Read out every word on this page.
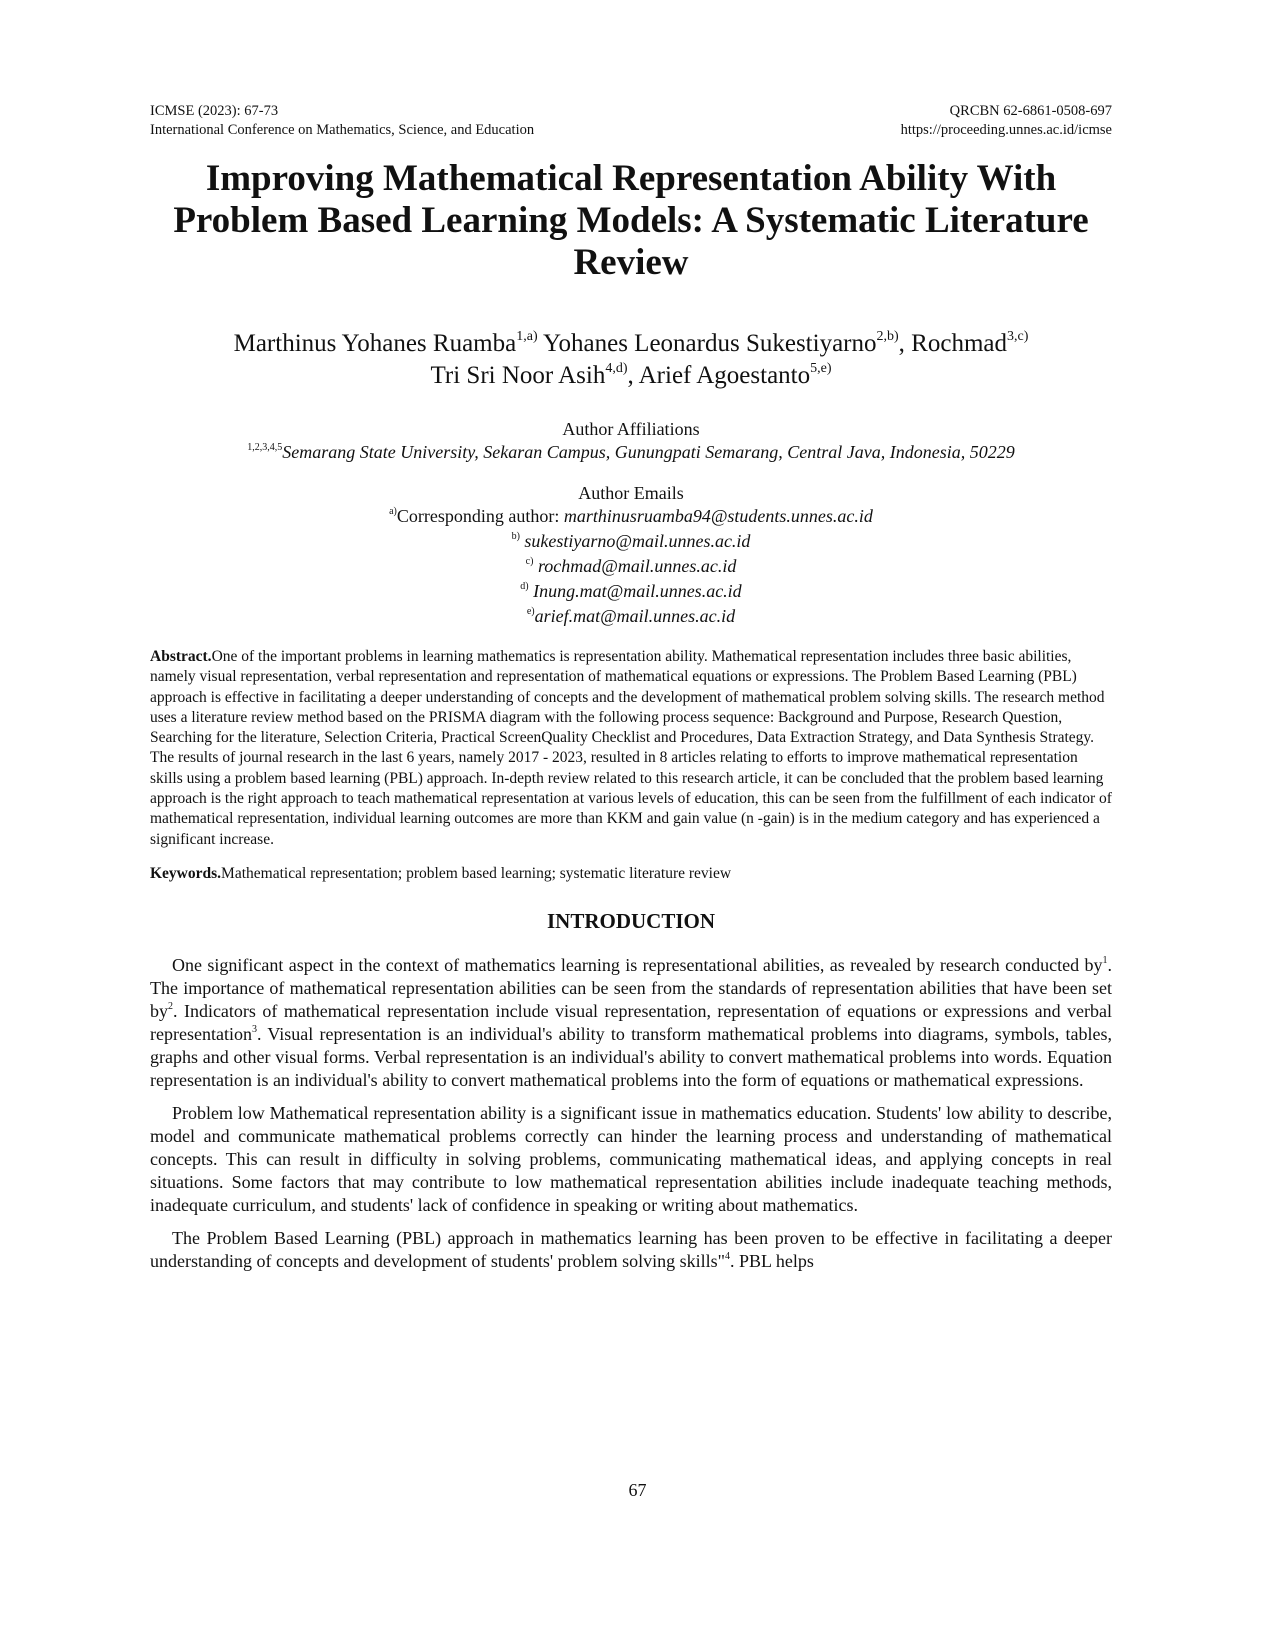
ICMSE (2023): 67-73
International Conference on Mathematics, Science, and Education
QRCBN 62-6861-0508-697
https://proceeding.unnes.ac.id/icmse
Improving Mathematical Representation Ability With Problem Based Learning Models: A Systematic Literature Review
Marthinus Yohanes Ruamba$^{1,a)}$ Yohanes Leonardus Sukestiyarno$^{2,b)}$, Rochmad$^{3,c)}$
Tri Sri Noor Asih$^{4,d)}$, Arief Agoestanto$^{5,e)}$
Author Affiliations
$^{1,2,3,4,5}$Semarang State University, Sekaran Campus, Gunungpati Semarang, Central Java, Indonesia, 50229
Author Emails
$^{a)}$Corresponding author: marthinusruamba94@students.unnes.ac.id
$^{b)}$ sukestiyarno@mail.unnes.ac.id
$^{c)}$ rochmad@mail.unnes.ac.id
$^{d)}$ Inung.mat@mail.unnes.ac.id
$^{e)}$arief.mat@mail.unnes.ac.id
Abstract.One of the important problems in learning mathematics is representation ability. Mathematical representation includes three basic abilities, namely visual representation, verbal representation and representation of mathematical equations or expressions. The Problem Based Learning (PBL) approach is effective in facilitating a deeper understanding of concepts and the development of mathematical problem solving skills. The research method uses a literature review method based on the PRISMA diagram with the following process sequence: Background and Purpose, Research Question, Searching for the literature, Selection Criteria, Practical ScreenQuality Checklist and Procedures, Data Extraction Strategy, and Data Synthesis Strategy. The results of journal research in the last 6 years, namely 2017 - 2023, resulted in 8 articles relating to efforts to improve mathematical representation skills using a problem based learning (PBL) approach. In-depth review related to this research article, it can be concluded that the problem based learning approach is the right approach to teach mathematical representation at various levels of education, this can be seen from the fulfillment of each indicator of mathematical representation, individual learning outcomes are more than KKM and gain value (n -gain) is in the medium category and has experienced a significant increase.
Keywords.Mathematical representation; problem based learning; systematic literature review
INTRODUCTION

One significant aspect in the context of mathematics learning is representational abilities, as revealed by research conducted $by^1$. The importance of mathematical representation abilities can be seen from the standards of representation abilities that have been set $by^2$. Indicators of mathematical representation include visual representation, representation of equations or expressions and verbal representation$^3$. Visual representation is an individual's ability to transform mathematical problems into diagrams, symbols, tables, graphs and other visual forms. Verbal representation is an individual's ability to convert mathematical problems into words. Equation representation is an individual's ability to convert mathematical problems into the form of equations or mathematical expressions.

Problem low Mathematical representation ability is a significant issue in mathematics education. Students' low ability to describe, model and communicate mathematical problems correctly can hinder the learning process and understanding of mathematical concepts. This can result in difficulty in solving problems, communicating mathematical ideas, and applying concepts in real situations. Some factors that may contribute to low mathematical representation abilities include inadequate teaching methods, inadequate curriculum, and students' lack of confidence in speaking or writing about mathematics.

The Problem Based Learning (PBL) approach in mathematics learning has been proven to be effective in facilitating a deeper understanding of concepts and development of students' problem solving skills"$^4$. PBL helps

67
